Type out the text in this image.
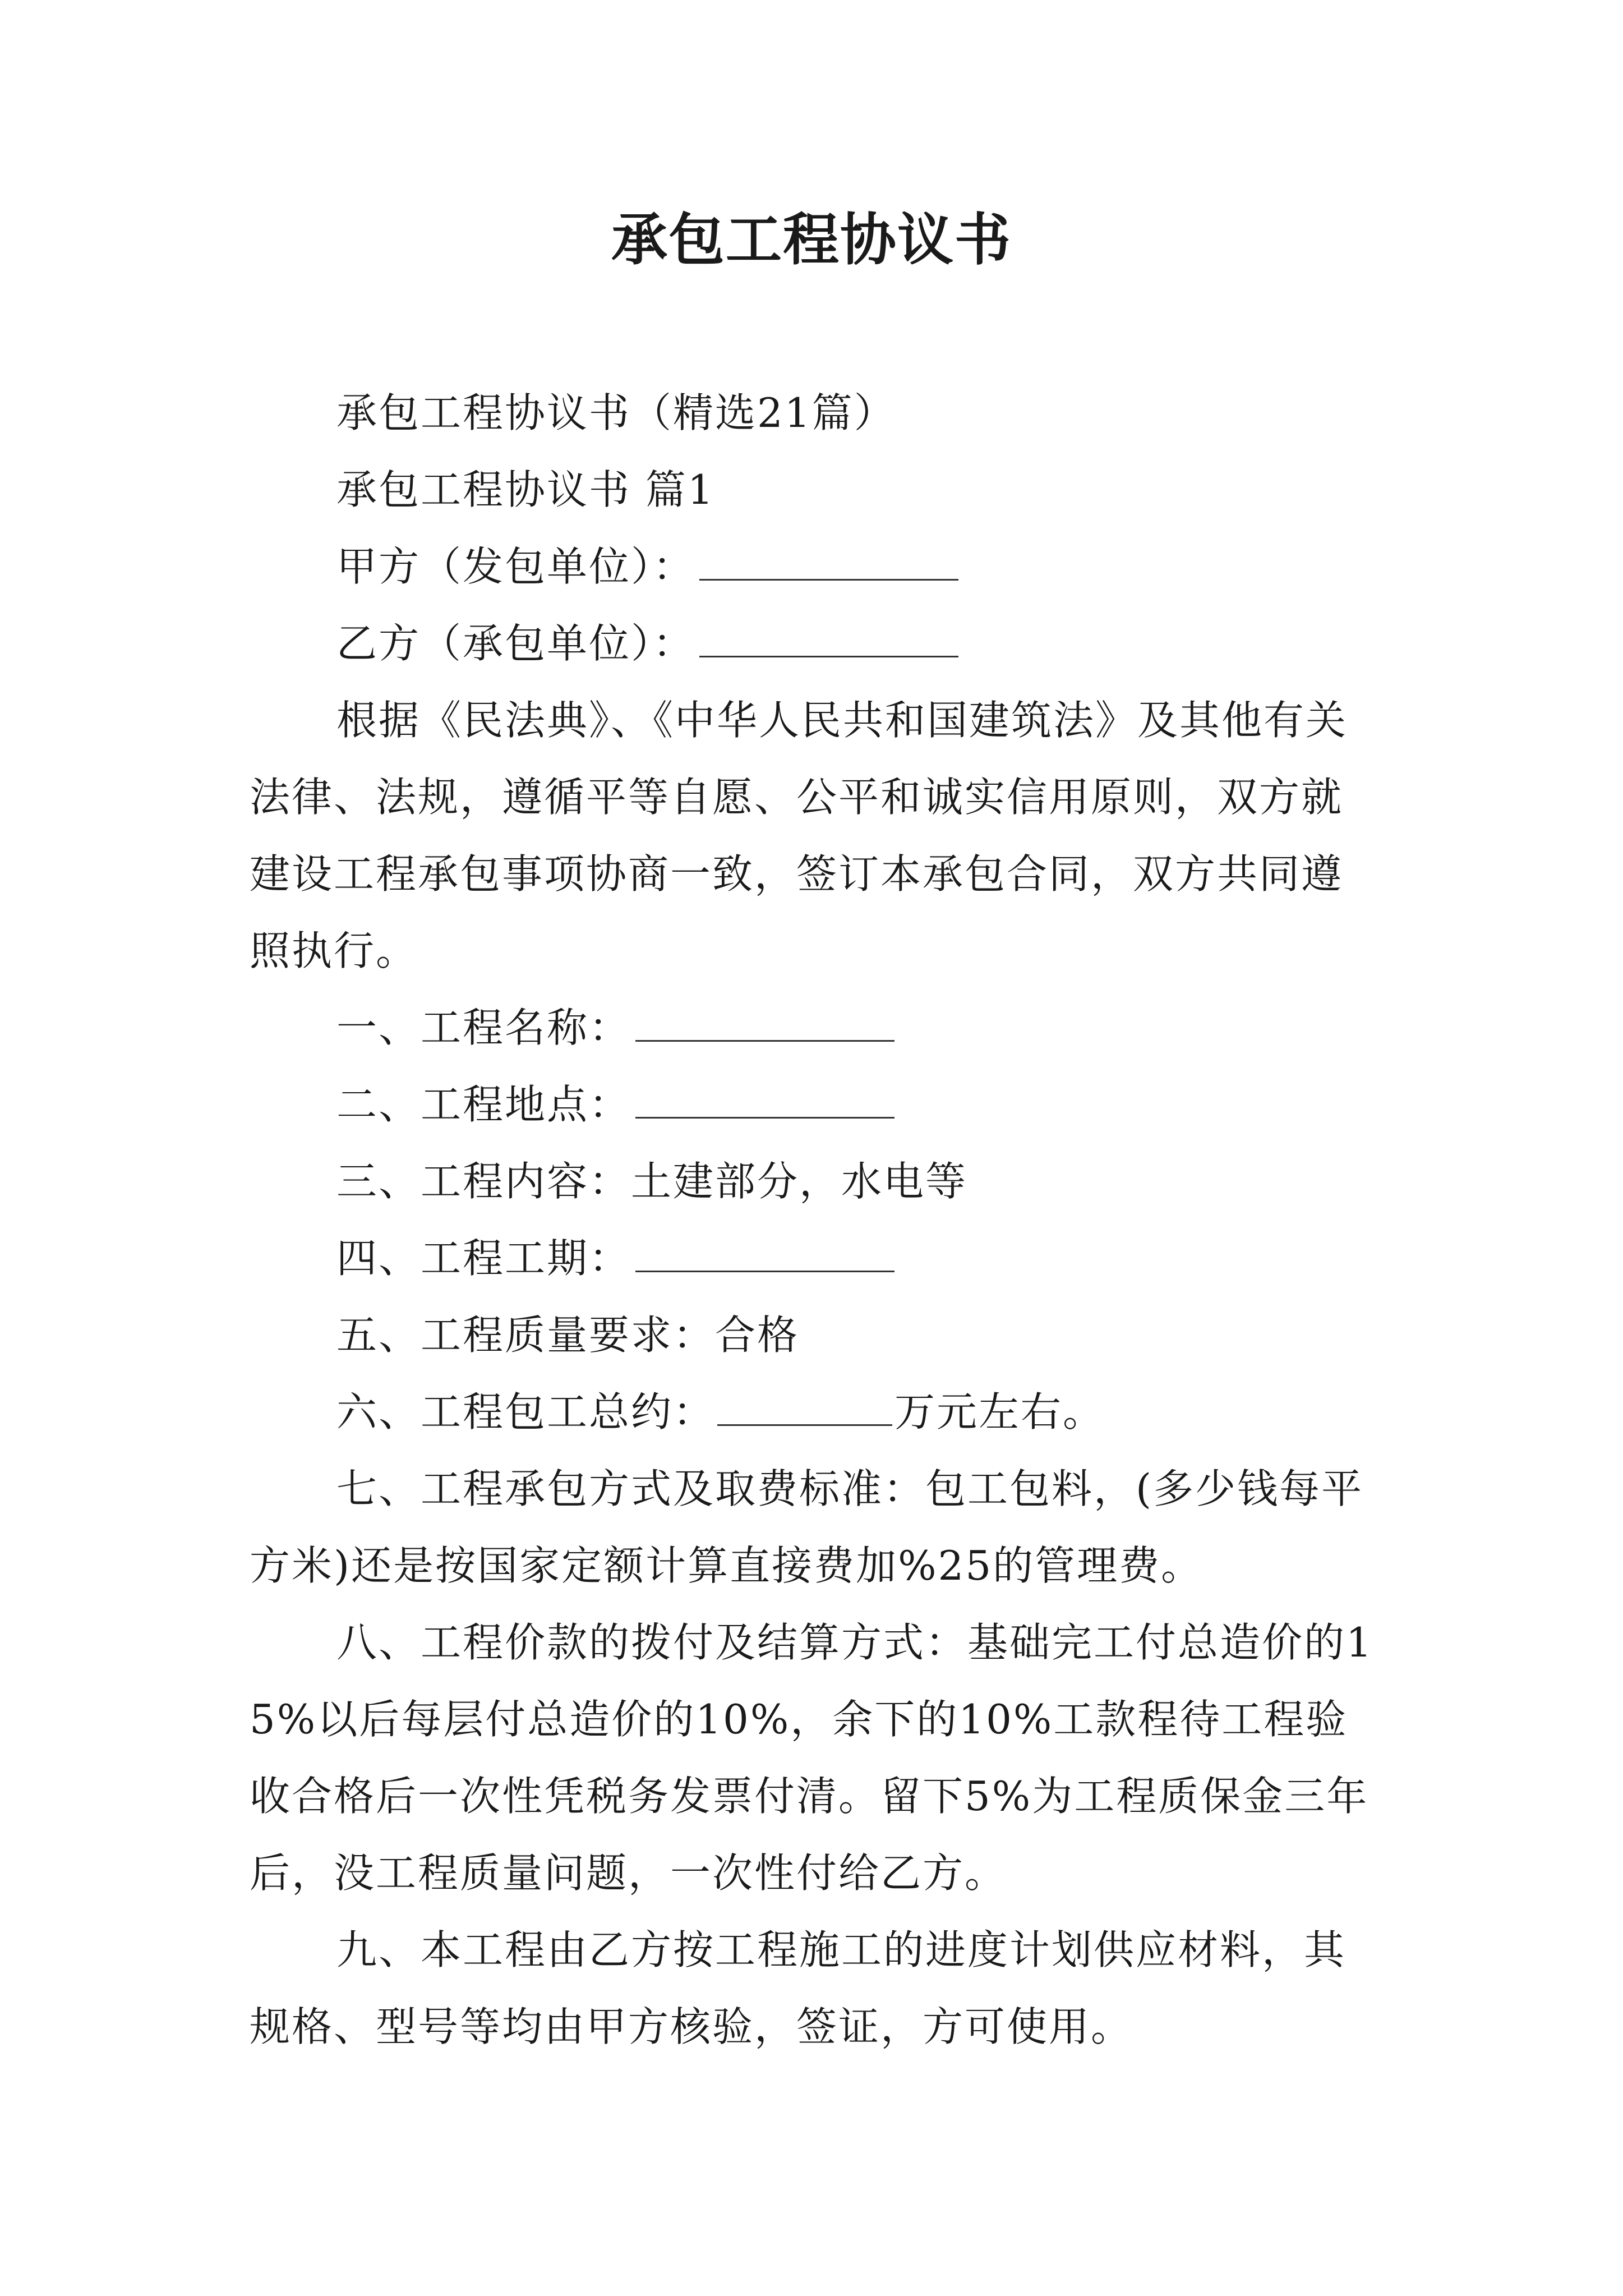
承包工程协议书

承包工程协议书（精选21篇）

承包工程协议书 篇1

甲方（发包单位）：

乙方（承包单位）：

根据《民法典》、《中华人民共和国建筑法》及其他有关法律、法规，遵循平等自愿、公平和诚实信用原则，双方就建设工程承包事项协商一致，签订本承包合同，双方共同遵照执行。

一、工程名称：

二、工程地点：

三、工程内容：土建部分，水电等

四、工程工期：

五、工程质量要求：合格

六、工程包工总约：	万元左右。

七、工程承包方式及取费标准：包工包料，(多少钱每平方米)还是按国家定额计算直接费加%25的管理费。

八、工程价款的拨付及结算方式：基础完工付总造价的15%以后每层付总造价的10%，余下的10%工款程待工程验收合格后一次性凭税务发票付清。留下5%为工程质保金三年后，没工程质量问题，一次性付给乙方。

九、本工程由乙方按工程施工的进度计划供应材料，其规格、型号等均由甲方核验，签证，方可使用。
